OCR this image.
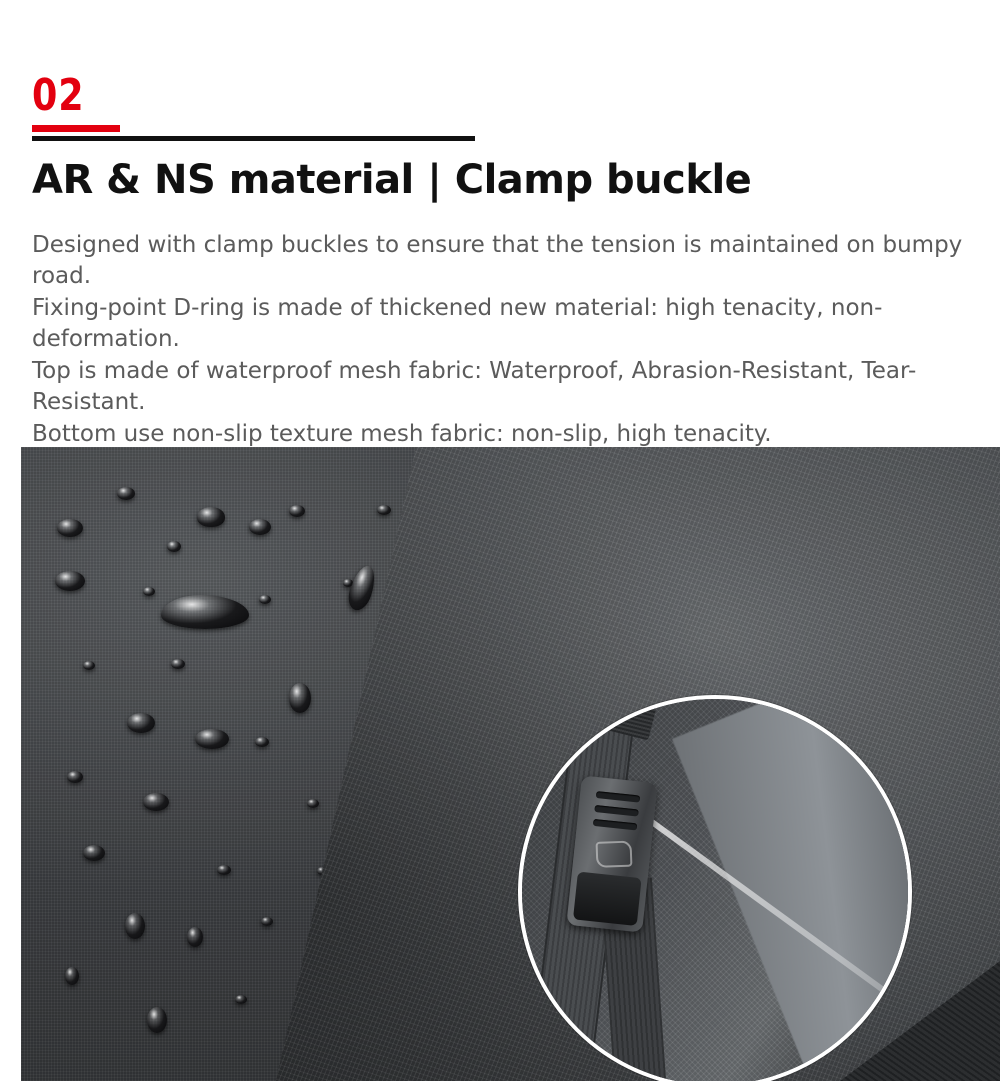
02
AR & NS material | Clamp buckle

Designed with clamp buckles to ensure that the tension is maintained on bumpy road.

Fixing-point D-ring is made of thickened new material: high tenacity, non-deformation.

Top is made of waterproof mesh fabric: Waterproof, Abrasion-Resistant, Tear-Resistant.

Bottom use non-slip texture mesh fabric: non-slip, high tenacity.
